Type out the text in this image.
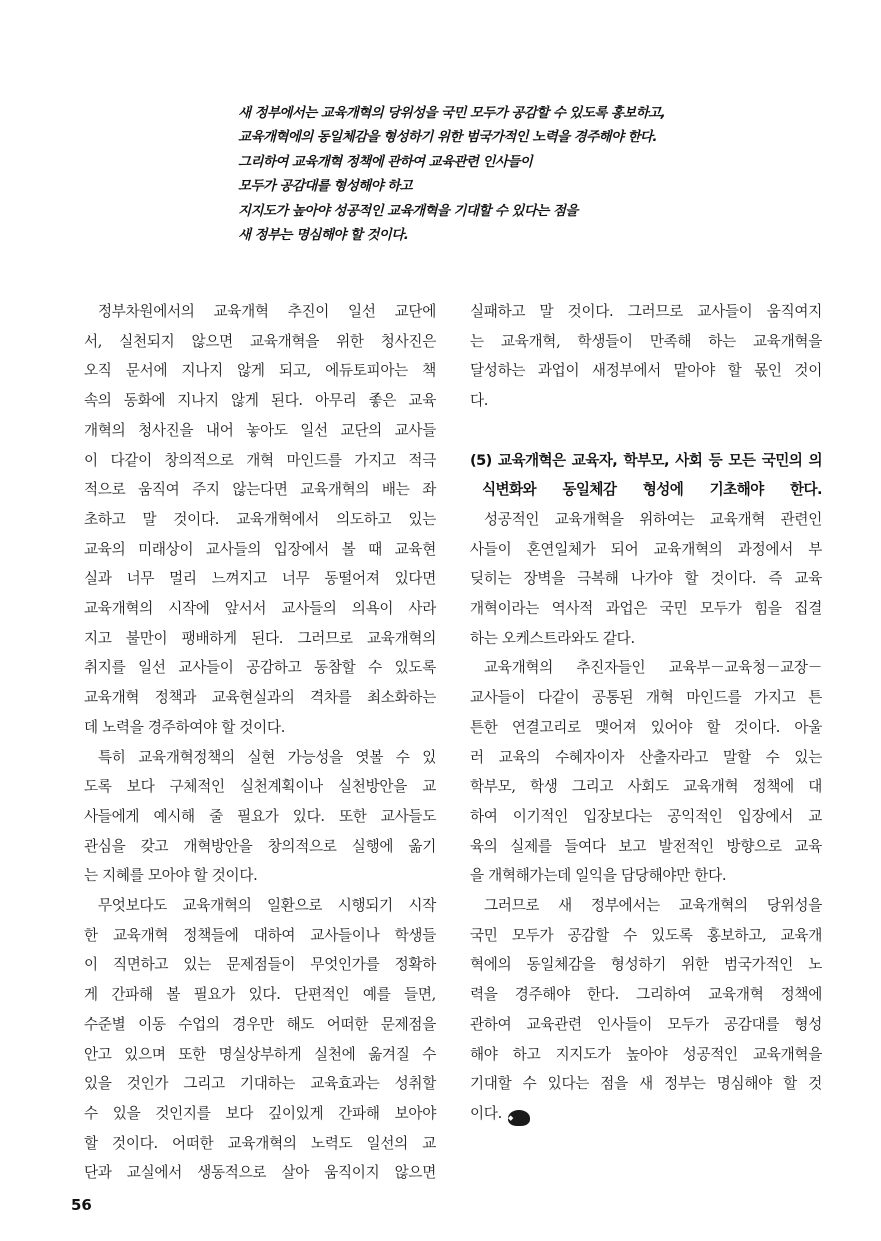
새 정부에서는 교육개혁의 당위성을 국민 모두가 공감할 수 있도록 홍보하고,
교육개혁에의 동일체감을 형성하기 위한 범국가적인 노력을 경주해야 한다.
그리하여 교육개혁 정책에 관하여 교육관련 인사들이
모두가 공감대를 형성해야 하고
지지도가 높아야 성공적인 교육개혁을 기대할 수 있다는 점을
새 정부는 명심해야 할 것이다.
정부차원에서의 교육개혁 추진이 일선 교단에
서, 실천되지 않으면 교육개혁을 위한 청사진은
오직 문서에 지나지 않게 되고, 에듀토피아는 책
속의 동화에 지나지 않게 된다. 아무리 좋은 교육
개혁의 청사진을 내어 놓아도 일선 교단의 교사들
이 다같이 창의적으로 개혁 마인드를 가지고 적극
적으로 움직여 주지 않는다면 교육개혁의 배는 좌
초하고 말 것이다. 교육개혁에서 의도하고 있는
교육의 미래상이 교사들의 입장에서 볼 때 교육현
실과 너무 멀리 느껴지고 너무 동떨어져 있다면
교육개혁의 시작에 앞서서 교사들의 의욕이 사라
지고 불만이 팽배하게 된다. 그러므로 교육개혁의
취지를 일선 교사들이 공감하고 동참할 수 있도록
교육개혁 정책과 교육현실과의 격차를 최소화하는
데 노력을 경주하여야 할 것이다.
특히 교육개혁정책의 실현 가능성을 엿볼 수 있
도록 보다 구체적인 실천계획이나 실천방안을 교
사들에게 예시해 줄 필요가 있다. 또한 교사들도
관심을 갖고 개혁방안을 창의적으로 실행에 옮기
는 지혜를 모아야 할 것이다.
무엇보다도 교육개혁의 일환으로 시행되기 시작
한 교육개혁 정책들에 대하여 교사들이나 학생들
이 직면하고 있는 문제점들이 무엇인가를 정확하
게 간파해 볼 필요가 있다. 단편적인 예를 들면,
수준별 이동 수업의 경우만 해도 어떠한 문제점을
안고 있으며 또한 명실상부하게 실천에 옮겨질 수
있을 것인가 그리고 기대하는 교육효과는 성취할
수 있을 것인지를 보다 깊이있게 간파해 보아야
할 것이다. 어떠한 교육개혁의 노력도 일선의 교
단과 교실에서 생동적으로 살아 움직이지 않으면
실패하고 말 것이다. 그러므로 교사들이 움직여지
는 교육개혁, 학생들이 만족해 하는 교육개혁을
달성하는 과업이 새정부에서 맡아야 할 몫인 것이
다.
(5) 교육개혁은 교육자, 학부모, 사회 등 모든 국민의 의
식변화와 동일체감 형성에 기초해야 한다.
성공적인 교육개혁을 위하여는 교육개혁 관련인
사들이 혼연일체가 되어 교육개혁의 과정에서 부
딪히는 장벽을 극복해 나가야 할 것이다. 즉 교육
개혁이라는 역사적 과업은 국민 모두가 힘을 집결
하는 오케스트라와도 같다.
교육개혁의 추진자들인 교육부－교육청－교장－
교사들이 다같이 공통된 개혁 마인드를 가지고 튼
튼한 연결고리로 맺어져 있어야 할 것이다. 아울
러 교육의 수혜자이자 산출자라고 말할 수 있는
학부모, 학생 그리고 사회도 교육개혁 정책에 대
하여 이기적인 입장보다는 공익적인 입장에서 교
육의 실제를 들여다 보고 발전적인 방향으로 교육
을 개혁해가는데 일익을 담당해야만 한다.
그러므로 새 정부에서는 교육개혁의 당위성을
국민 모두가 공감할 수 있도록 홍보하고, 교육개
혁에의 동일체감을 형성하기 위한 범국가적인 노
력을 경주해야 한다. 그리하여 교육개혁 정책에
관하여 교육관련 인사들이 모두가 공감대를 형성
해야 하고 지지도가 높아야 성공적인 교육개혁을
기대할 수 있다는 점을 새 정부는 명심해야 할 것
이다. ◆
56
